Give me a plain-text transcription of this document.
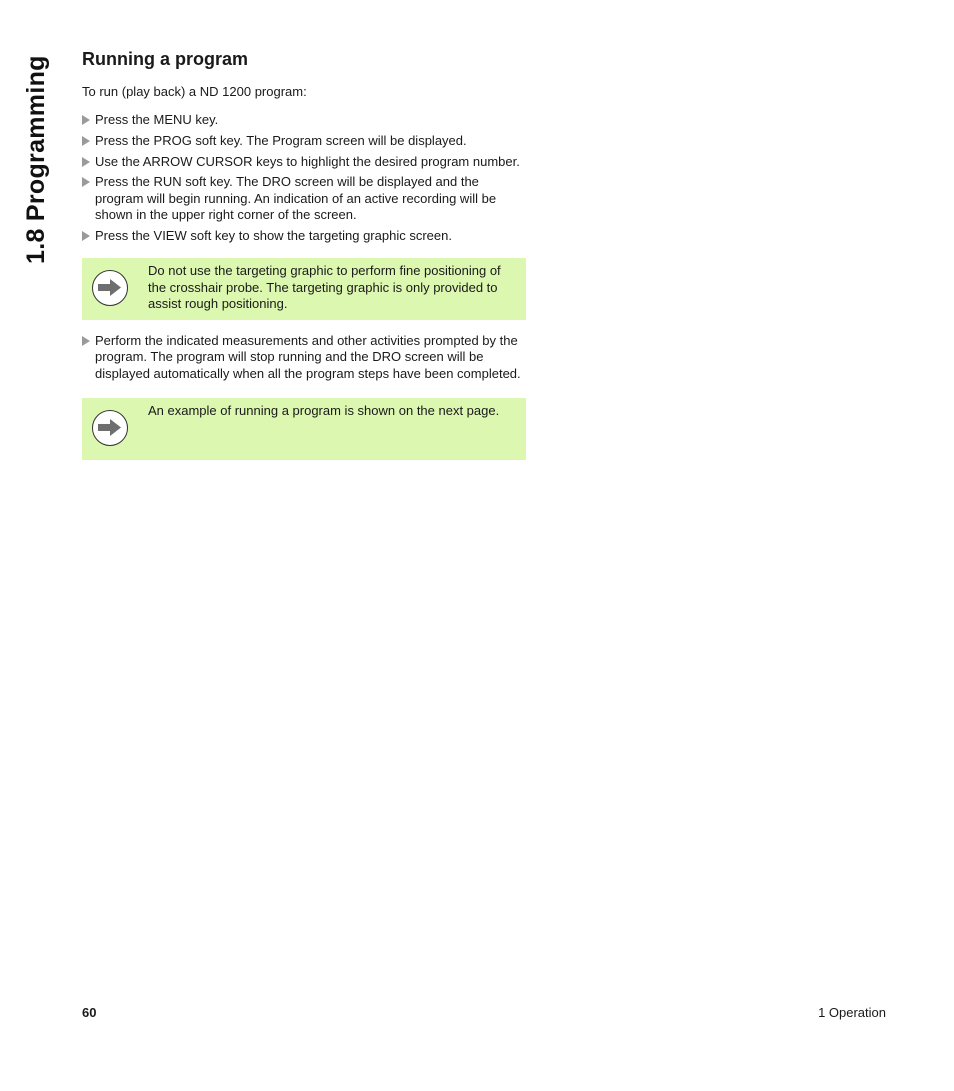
1.8 Programming Running a program

To run (play back) a ND 1200 program:

Press the MENU key.
Press the PROG soft key. The Program screen will be displayed.
Use the ARROW CURSOR keys to highlight the desired program number.
Press the RUN soft key. The DRO screen will be displayed and the program will begin running. An indication of an active recording will be shown in the upper right corner of the screen.
Press the VIEW soft key to show the targeting graphic screen.
Do not use the targeting graphic to perform fine positioning of the crosshair probe. The targeting graphic is only provided to assist rough positioning.
Perform the indicated measurements and other activities prompted by the program. The program will stop running and the DRO screen will be displayed automatically when all the program steps have been completed.
An example of running a program is shown on the next page.
60	1 Operation
